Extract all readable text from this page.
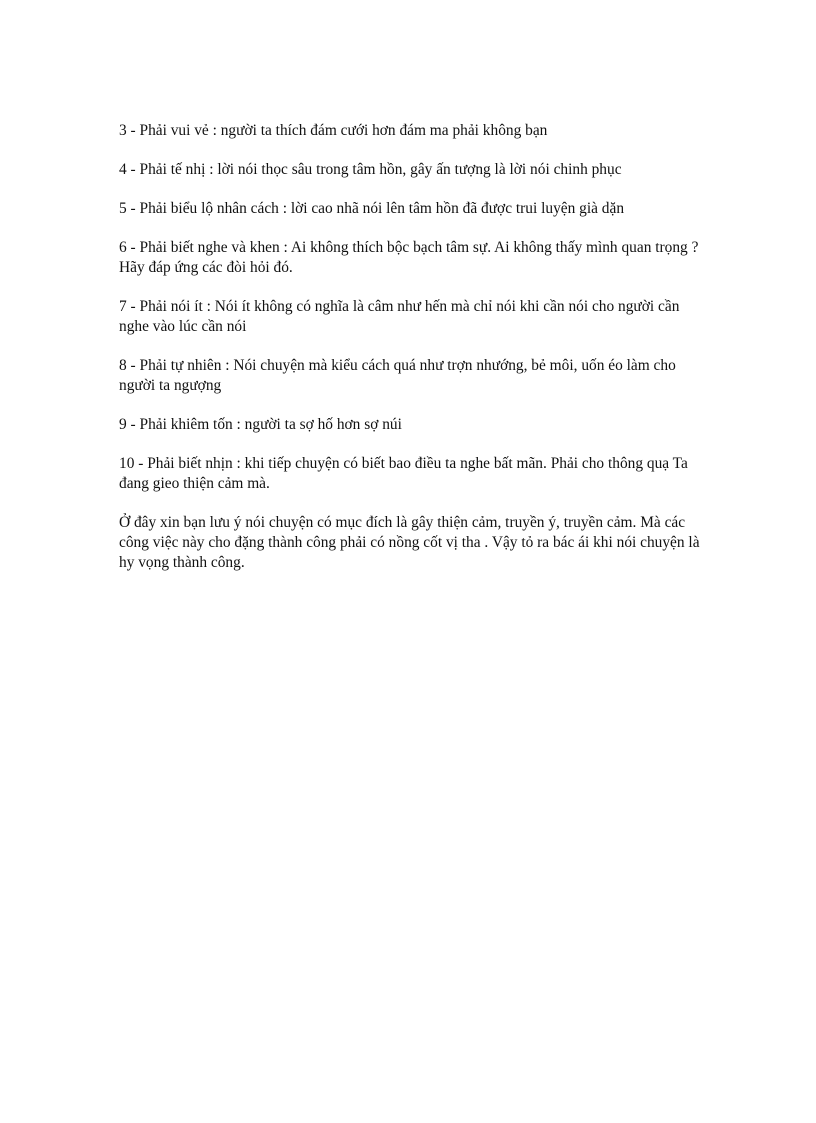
3 - Phải vui vẻ : người ta thích đám cưới hơn đám ma phải không bạn

4 - Phải tế nhị : lời nói thọc sâu trong tâm hồn, gây ấn tượng là lời nói chinh phục

5 - Phải biểu lộ nhân cách : lời cao nhã nói lên tâm hồn đã được trui luyện già dặn

6 - Phải biết nghe và khen : Ai không thích bộc bạch tâm sự. Ai không thấy mình quan trọng ? Hãy đáp ứng các đòi hỏi đó.

7 - Phải nói ít : Nói ít không có nghĩa là câm như hến mà chỉ nói khi cần nói cho người cần nghe vào lúc cần nói

8 - Phải tự nhiên : Nói chuyện mà kiểu cách quá như trợn nhướng, bẻ môi, uốn éo làm cho người ta ngượng

9 - Phải khiêm tốn : người ta sợ hố hơn sợ núi

10 - Phải biết nhịn : khi tiếp chuyện có biết bao điều ta nghe bất mãn. Phải cho thông quạ Ta đang gieo thiện cảm mà.

Ở đây xin bạn lưu ý nói chuyện có mục đích là gây thiện cảm, truyền ý, truyền cảm. Mà các công việc này cho đặng thành công phải có nồng cốt vị tha . Vậy tỏ ra bác ái khi nói chuyện là hy vọng thành công.
